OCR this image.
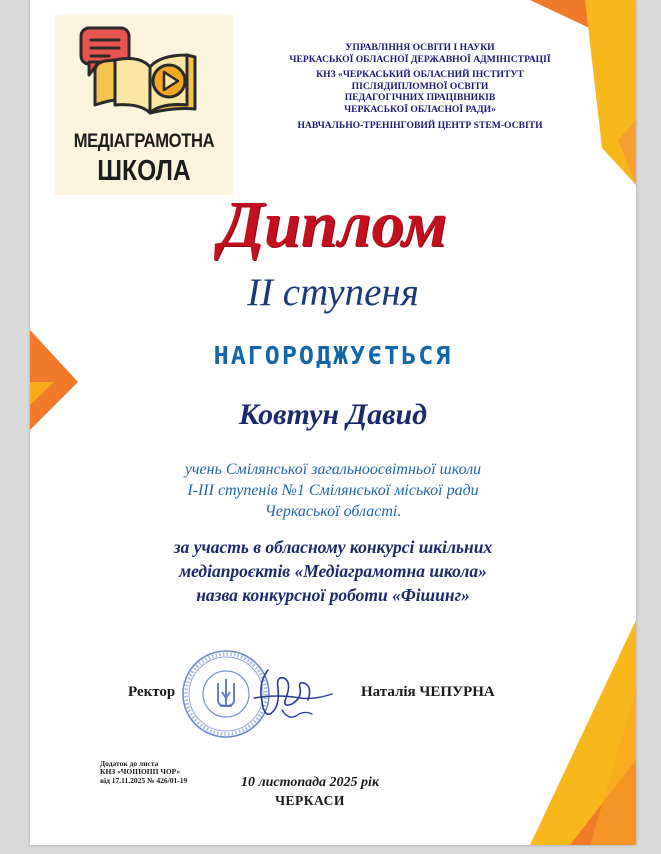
МЕДІАГРАМОТНА
ШКОЛА
УПРАВЛІННЯ ОСВІТИ І НАУКИ
ЧЕРКАСЬКОЇ ОБЛАСНОЇ ДЕРЖАВНОЇ АДМІНІСТРАЦІЇ
КНЗ «ЧЕРКАСЬКИЙ ОБЛАСНИЙ ІНСТИТУТ
ПІСЛЯДИПЛОМНОЇ ОСВІТИ
ПЕДАГОГІЧНИХ ПРАЦІВНИКІВ
ЧЕРКАСЬКОЇ ОБЛАСНОЇ РАДИ»
НАВЧАЛЬНО-ТРЕНІНГОВИЙ ЦЕНТР STEM-ОСВІТИ
Диплом
ІІ ступеня
НАГОРОДЖУЄТЬСЯ
Ковтун Давид
учень Смілянської загальноосвітньої школи
І-ІІІ ступенів №1 Смілянської міської ради
Черкаської області.
за участь в обласному конкурсі шкільних
медіапроєктів «Медіаграмотна школа»
назва конкурсної роботи «Фішинг»
Ректор	Наталія ЧЕПУРНА
Додаток до листа
КНЗ «ЧОІПОПП ЧОР»
від 17.11.2025 № 426/01-19	10 листопада 2025 рік
ЧЕРКАСИ
